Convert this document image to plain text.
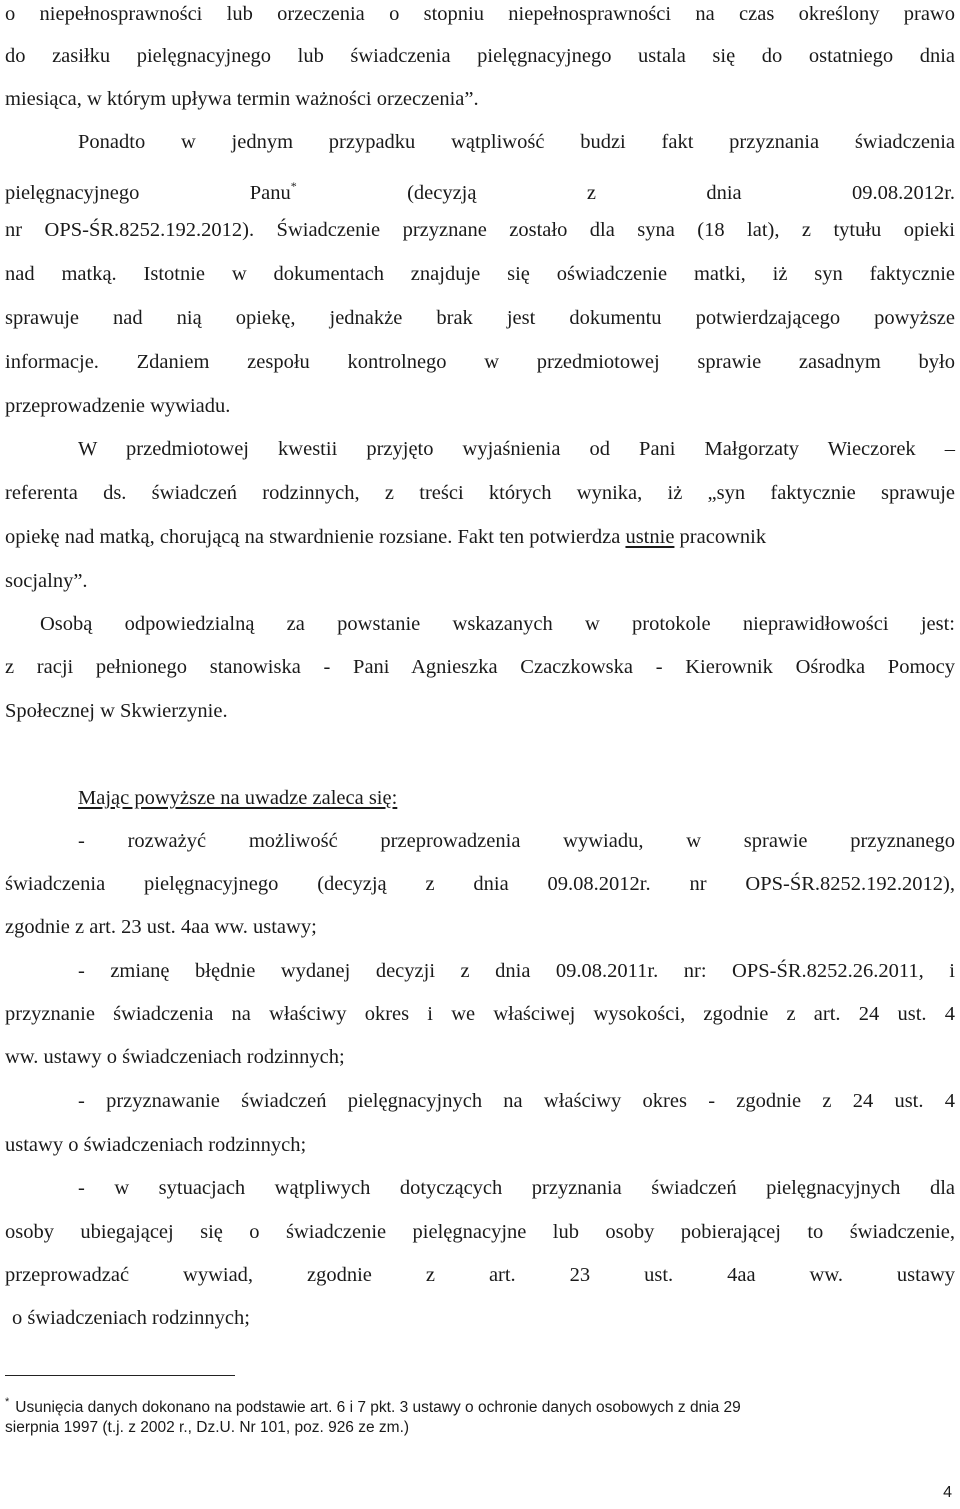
o niepełnosprawności lub orzeczenia o stopniu niepełnosprawności na czas określony prawo
do zasiłku pielęgnacyjnego lub świadczenia pielęgnacyjnego ustala się do ostatniego dnia
miesiąca, w którym upływa termin ważności orzeczenia”.
Ponadto w jednym przypadku wątpliwość budzi fakt przyznania świadczenia
pielęgnacyjnego	Panu*	(decyzją	z	dnia	09.08.2012r.
nr OPS-ŚR.8252.192.2012). Świadczenie przyznane zostało dla syna (18 lat), z tytułu opieki
nad matką. Istotnie w dokumentach znajduje się oświadczenie matki, iż syn faktycznie
sprawuje nad nią opiekę, jednakże brak jest dokumentu potwierdzającego powyższe
informacje. Zdaniem zespołu kontrolnego w przedmiotowej sprawie zasadnym było
przeprowadzenie wywiadu.
W przedmiotowej kwestii przyjęto wyjaśnienia od Pani Małgorzaty Wieczorek –
referenta ds. świadczeń rodzinnych, z treści których wynika, iż „syn faktycznie sprawuje
opiekę nad matką, chorującą na stwardnienie rozsiane. Fakt ten potwierdza ustnie pracownik
socjalny”.
Osobą odpowiedzialną za powstanie wskazanych w protokole nieprawidłowości jest:
z racji pełnionego stanowiska - Pani Agnieszka Czaczkowska - Kierownik Ośrodka Pomocy
Społecznej w Skwierzynie.
Mając powyższe na uwadze zaleca się:
- rozważyć możliwość przeprowadzenia wywiadu, w sprawie przyznanego
świadczenia pielęgnacyjnego (decyzją z dnia 09.08.2012r. nr OPS-ŚR.8252.192.2012),
zgodnie z art. 23 ust. 4aa ww. ustawy;
- zmianę błędnie wydanej decyzji z dnia 09.08.2011r. nr: OPS-ŚR.8252.26.2011, i
przyznanie świadczenia na właściwy okres i we właściwej wysokości, zgodnie z art. 24 ust. 4
ww. ustawy o świadczeniach rodzinnych;
- przyznawanie świadczeń pielęgnacyjnych na właściwy okres - zgodnie z 24 ust. 4
ustawy o świadczeniach rodzinnych;
- w sytuacjach wątpliwych dotyczących przyznania świadczeń pielęgnacyjnych dla
osoby ubiegającej się o świadczenie pielęgnacyjne lub osoby pobierającej to świadczenie,
przeprowadzać wywiad, zgodnie z art. 23 ust. 4aa ww. ustawy
o świadczeniach rodzinnych;
* Usunięcia danych dokonano na podstawie art. 6 i 7 pkt. 3 ustawy o ochronie danych osobowych z dnia 29
sierpnia 1997 (t.j. z 2002 r., Dz.U. Nr 101, poz. 926 ze zm.)
4
